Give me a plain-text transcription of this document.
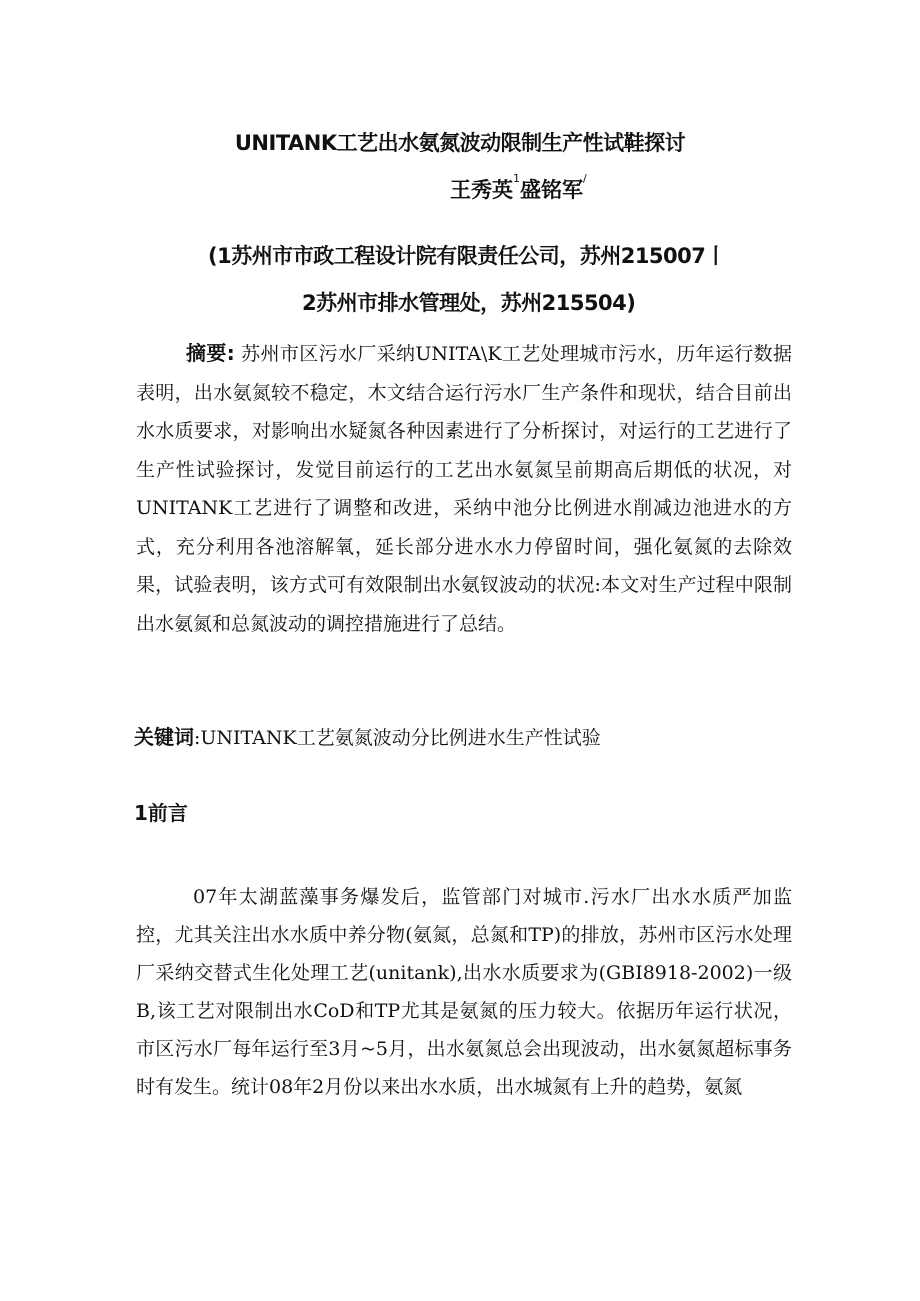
UNITANK工艺出水氨氮波动限制生产性试鞋探讨
王秀英$^1$盛铭军/
(1苏州市市政工程设计院有限责任公司，苏州215007丨
2苏州市排水管理处，苏州215504)

摘要: 苏州市区污水厂采纳UNITA\K工艺处理城市污水，历年运行数据表明，出水氨氮较不稳定，木文结合运行污水厂生产条件和现状，结合目前出水水质要求，对影响出水疑氮各种因素进行了分析探讨，对运行的工艺进行了生产性试验探讨，发觉目前运行的工艺出水氨氮呈前期高后期低的状况，对UNITANK工艺进行了调整和改进，采纳中池分比例进水削减边池进水的方式，充分利用各池溶解氧，延长部分进水水力停留时间，强化氨氮的去除效果，试验表明，该方式可有效限制出水氨钗波动的状况:本文对生产过程中限制出水氨氮和总氮波动的调控措施进行了总结。

关键词:UNITANK工艺氨氮波动分比例进水生产性试验
1前言

07年太湖蓝藻事务爆发后，监管部门对城市.污水厂出水水质严加监控，尤其关注出水水质中养分物(氨氮，总氮和TP)的排放，苏州市区污水处理厂采纳交替式生化处理工艺(unitank),出水水质要求为(GBI8918-2002)一级B,该工艺对限制出水CoD和TP尤其是氨氮的压力较大。依据历年运行状况，市区污水厂每年运行至3月~5月，出水氨氮总会出现波动，出水氨氮超标事务时有发生。统计08年2月份以来出水水质，出水城氮有上升的趋势，氨氮
